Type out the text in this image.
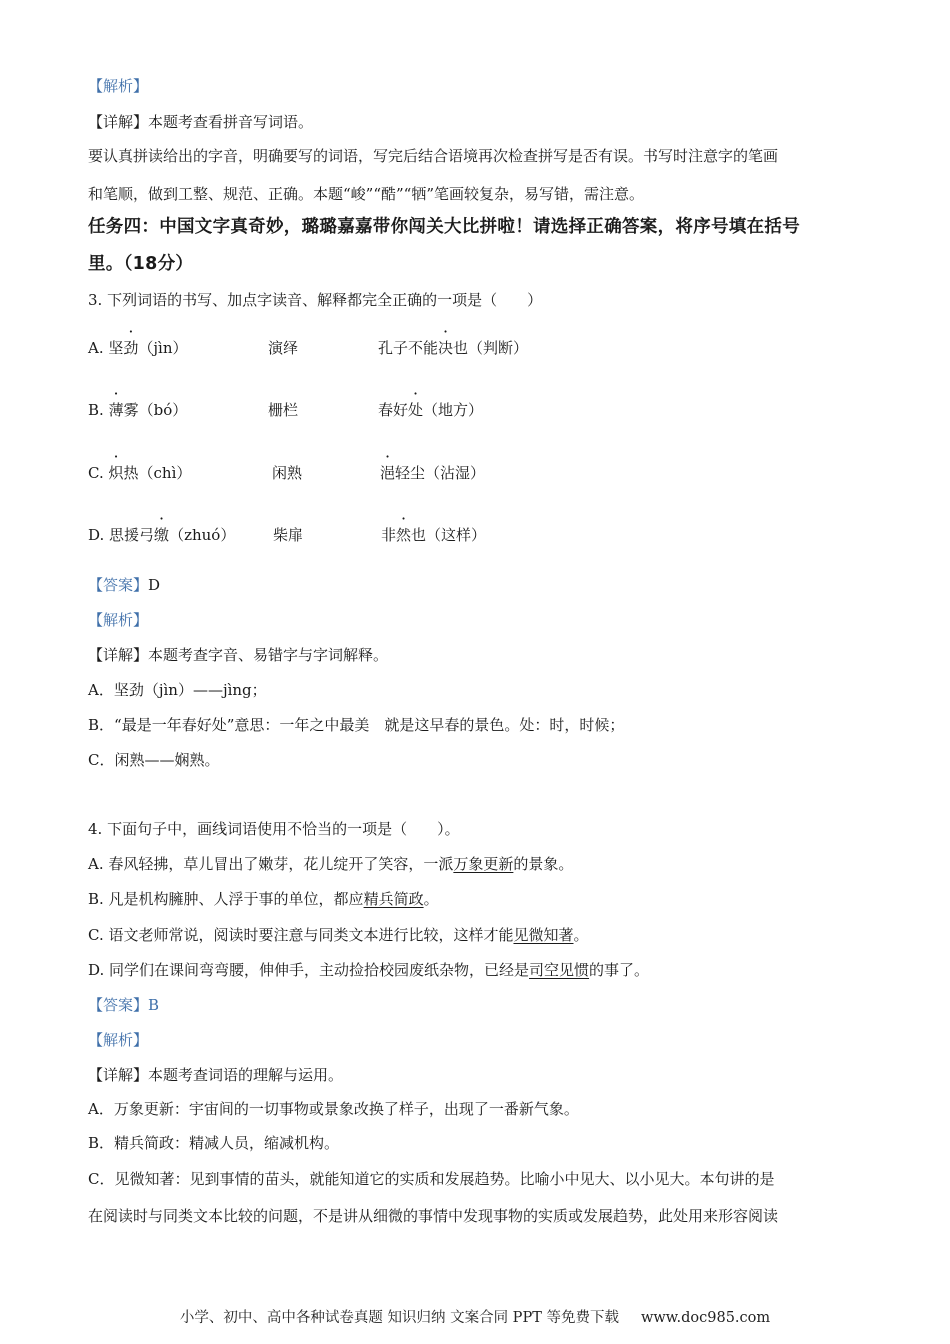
【解析】
【详解】本题考查看拼音写词语。
要认真拼读给出的字音，明确要写的词语，写完后结合语境再次检查拼写是否有误。书写时注意字的笔画
和笔顺，做到工整、规范、正确。本题“峻”“酷”“牺”笔画较复杂，易写错，需注意。
任务四：中国文字真奇妙，璐璐嘉嘉带你闯关大比拼啦！请选择正确答案，将序号填在括号
里。（18分）
3. 下列词语的书写、加点字读音、解释都完全正确的一项是（　　）
A. 坚劲（jìn）	演绎	孔子不能决也（判断）
B. 薄雾（bó）	栅栏	春好处（地方）
C. 炽热（chì）	闲熟	浥轻尘（沾湿）
D. 思援弓缴（zhuó）	柴扉	非然也（这样）
【答案】D
【解析】
【详解】本题考查字音、易错字与字词解释。
A．坚劲（jìn）——jìng；
B．“最是一年春好处”意思：一年之中最美　就是这早春的景色。处：时，时候；
C．闲熟——娴熟。
4. 下面句子中，画线词语使用不恰当的一项是（　　）。
A. 春风轻拂，草儿冒出了嫩芽，花儿绽开了笑容，一派万象更新的景象。
B. 凡是机构臃肿、人浮于事的单位，都应精兵简政。
C. 语文老师常说，阅读时要注意与同类文本进行比较，这样才能见微知著。
D. 同学们在课间弯弯腰，伸伸手，主动捡拾校园废纸杂物，已经是司空见惯的事了。
【答案】B
【解析】
【详解】本题考查词语的理解与运用。
A．万象更新：宇宙间的一切事物或景象改换了样子，出现了一番新气象。
B．精兵简政：精减人员，缩减机构。
C．见微知著：见到事情的苗头，就能知道它的实质和发展趋势。比喻小中见大、以小见大。本句讲的是
在阅读时与同类文本比较的问题，不是讲从细微的事情中发现事物的实质或发展趋势，此处用来形容阅读
小学、初中、高中各种试卷真题 知识归纳 文案合同 PPT 等免费下载 www.doc985.com
